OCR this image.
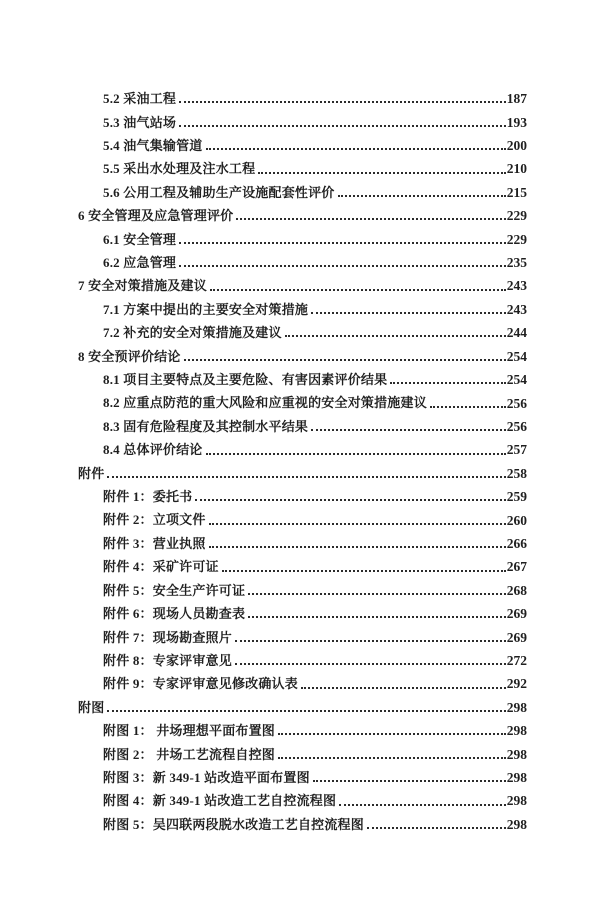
5.2 采油工程	187
5.3 油气站场	193
5.4 油气集输管道	200
5.5 采出水处理及注水工程	210
5.6 公用工程及辅助生产设施配套性评价	215
6 安全管理及应急管理评价	229
6.1 安全管理	229
6.2 应急管理	235
7 安全对策措施及建议	243
7.1 方案中提出的主要安全对策措施	243
7.2 补充的安全对策措施及建议	244
8 安全预评价结论	254
8.1 项目主要特点及主要危险、有害因素评价结果	254
8.2 应重点防范的重大风险和应重视的安全对策措施建议	256
8.3 固有危险程度及其控制水平结果	256
8.4 总体评价结论	257
附件	258
附件 1：委托书	259
附件 2：立项文件	260
附件 3：营业执照	266
附件 4：采矿许可证	267
附件 5：安全生产许可证	268
附件 6：现场人员勘查表	269
附件 7：现场勘查照片	269
附件 8：专家评审意见	272
附件 9：专家评审意见修改确认表	292
附图	298
附图 1： 井场理想平面布置图	298
附图 2： 井场工艺流程自控图	298
附图 3：新 349-1 站改造平面布置图	298
附图 4：新 349-1 站改造工艺自控流程图	298
附图 5：吴四联两段脱水改造工艺自控流程图	298
